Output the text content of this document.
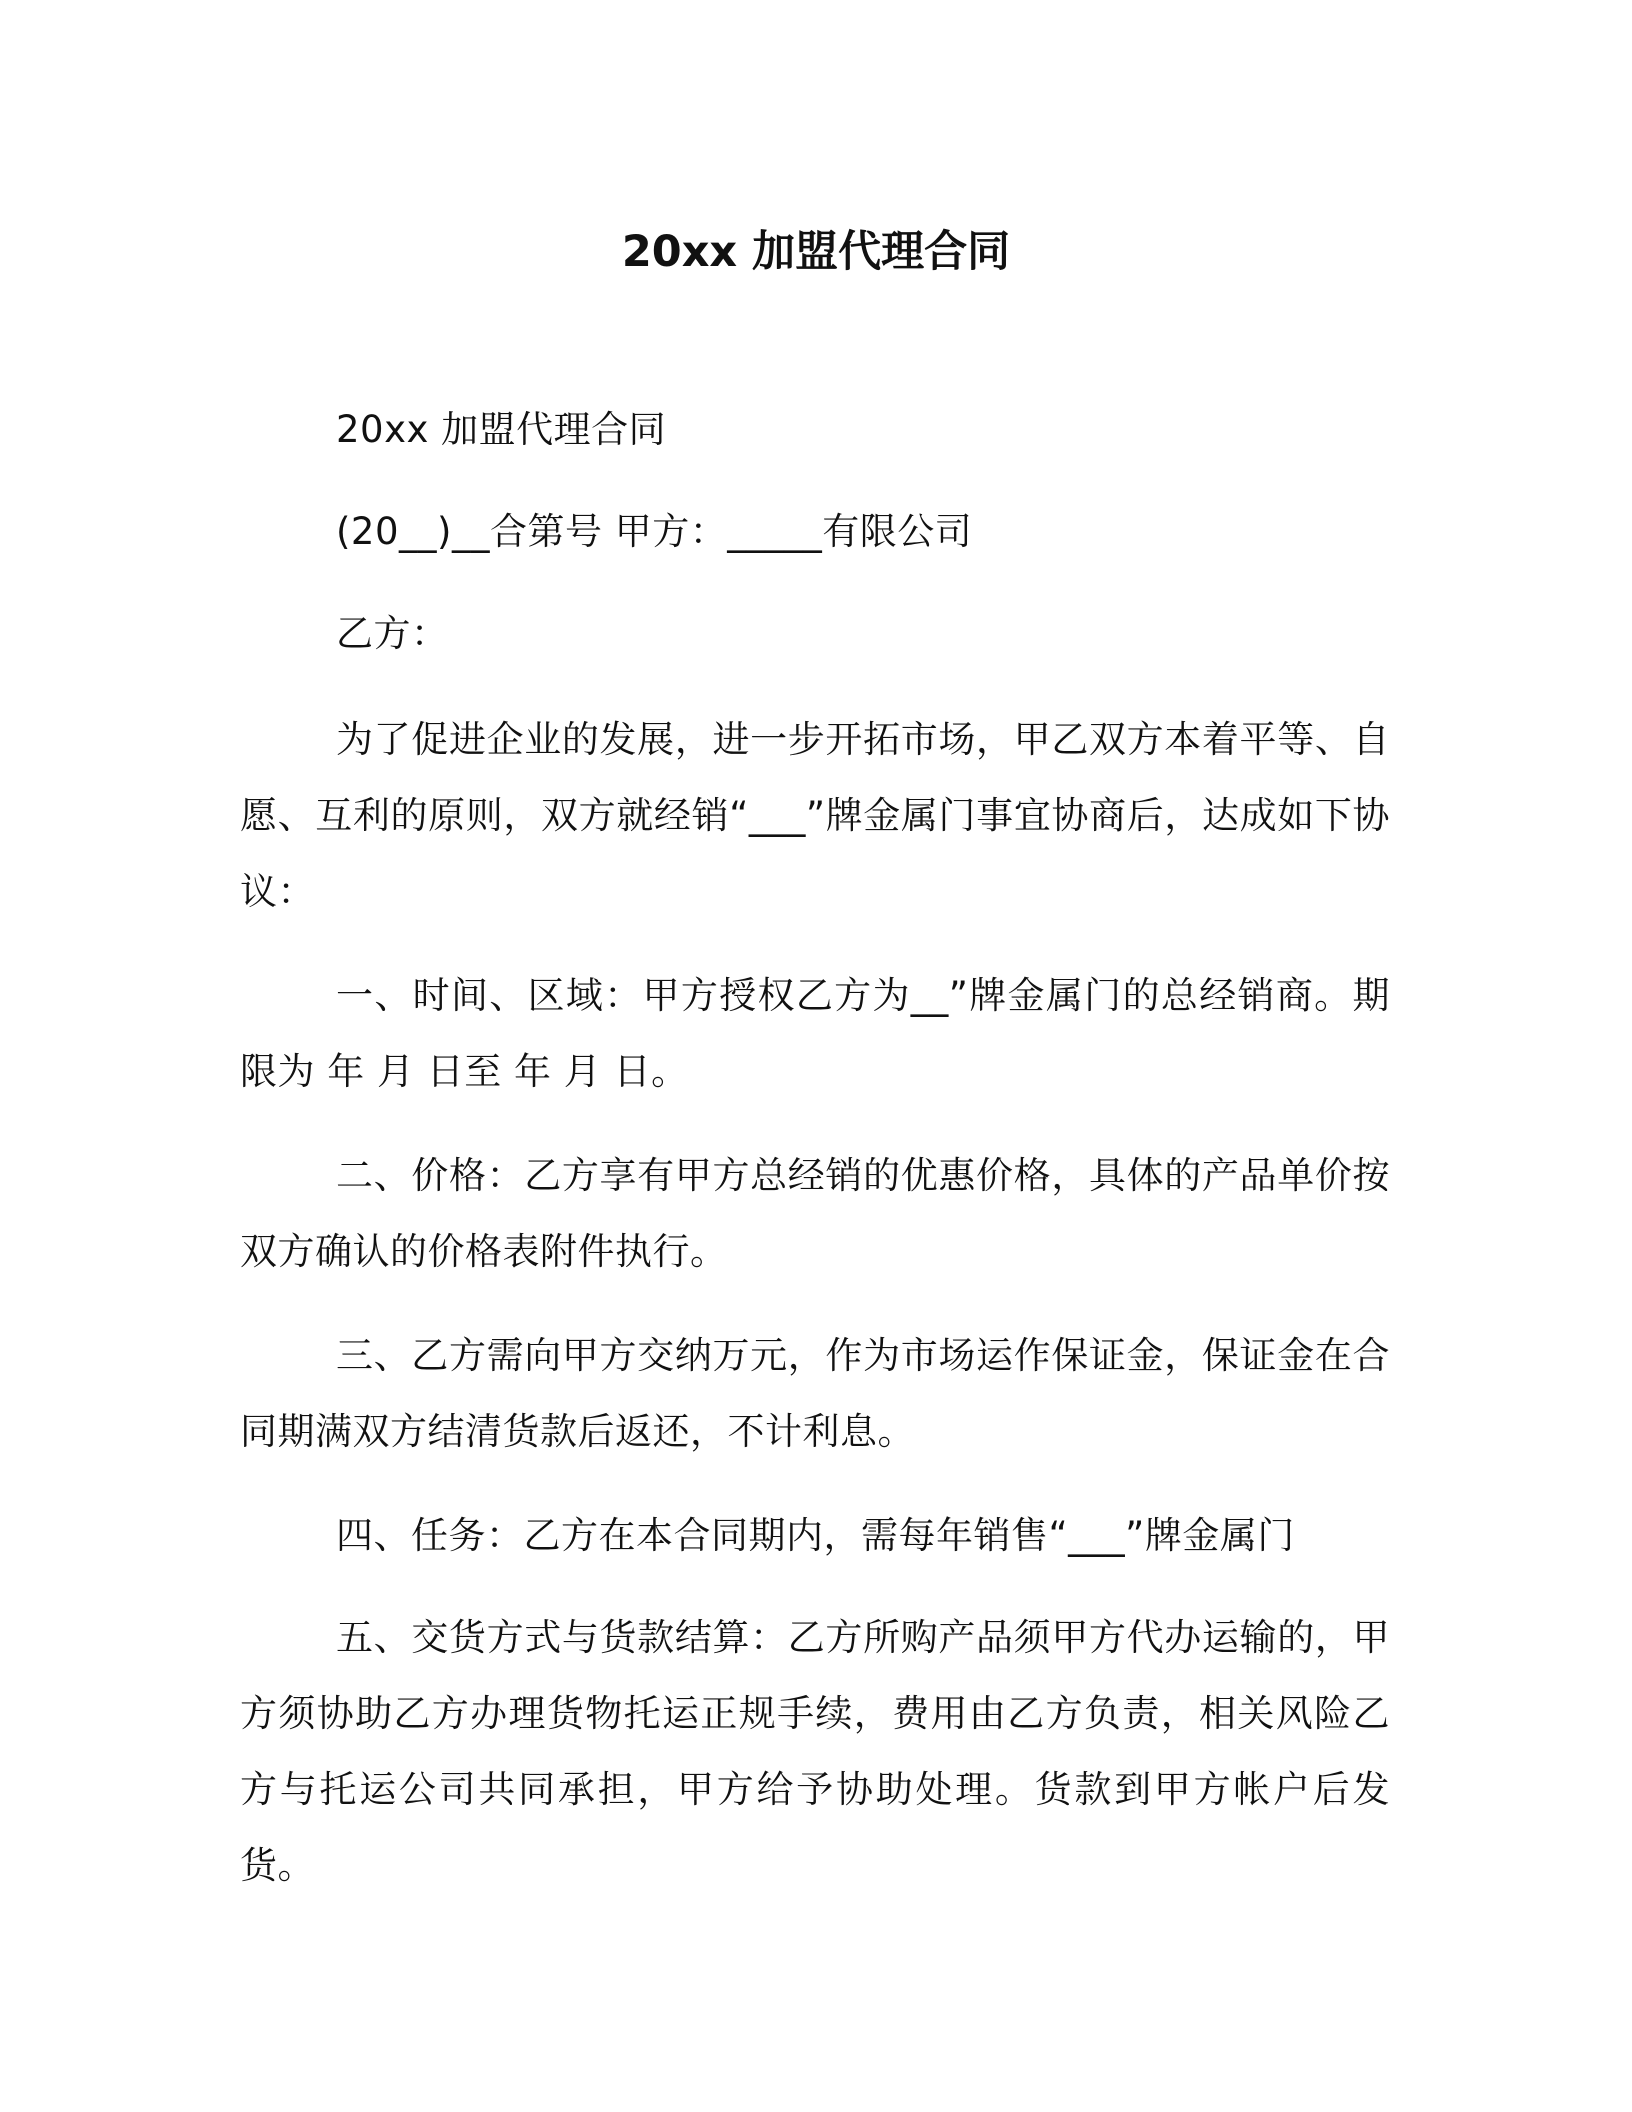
20xx 加盟代理合同

20xx 加盟代理合同

(20__)__合第号 甲方：_____有限公司

乙方：

为了促进企业的发展，进一步开拓市场，甲乙双方本着平等、自愿、互利的原则，双方就经销“___”牌金属门事宜协商后，达成如下协议：

一、时间、区域：甲方授权乙方为__”牌金属门的总经销商。期限为 年 月 日至 年 月 日。

二、价格：乙方享有甲方总经销的优惠价格，具体的产品单价按双方确认的价格表附件执行。

三、乙方需向甲方交纳万元，作为市场运作保证金，保证金在合同期满双方结清货款后返还，不计利息。

四、任务：乙方在本合同期内，需每年销售“___”牌金属门

五、交货方式与货款结算：乙方所购产品须甲方代办运输的，甲方须协助乙方办理货物托运正规手续，费用由乙方负责，相关风险乙方与托运公司共同承担，甲方给予协助处理。货款到甲方帐户后发货。
